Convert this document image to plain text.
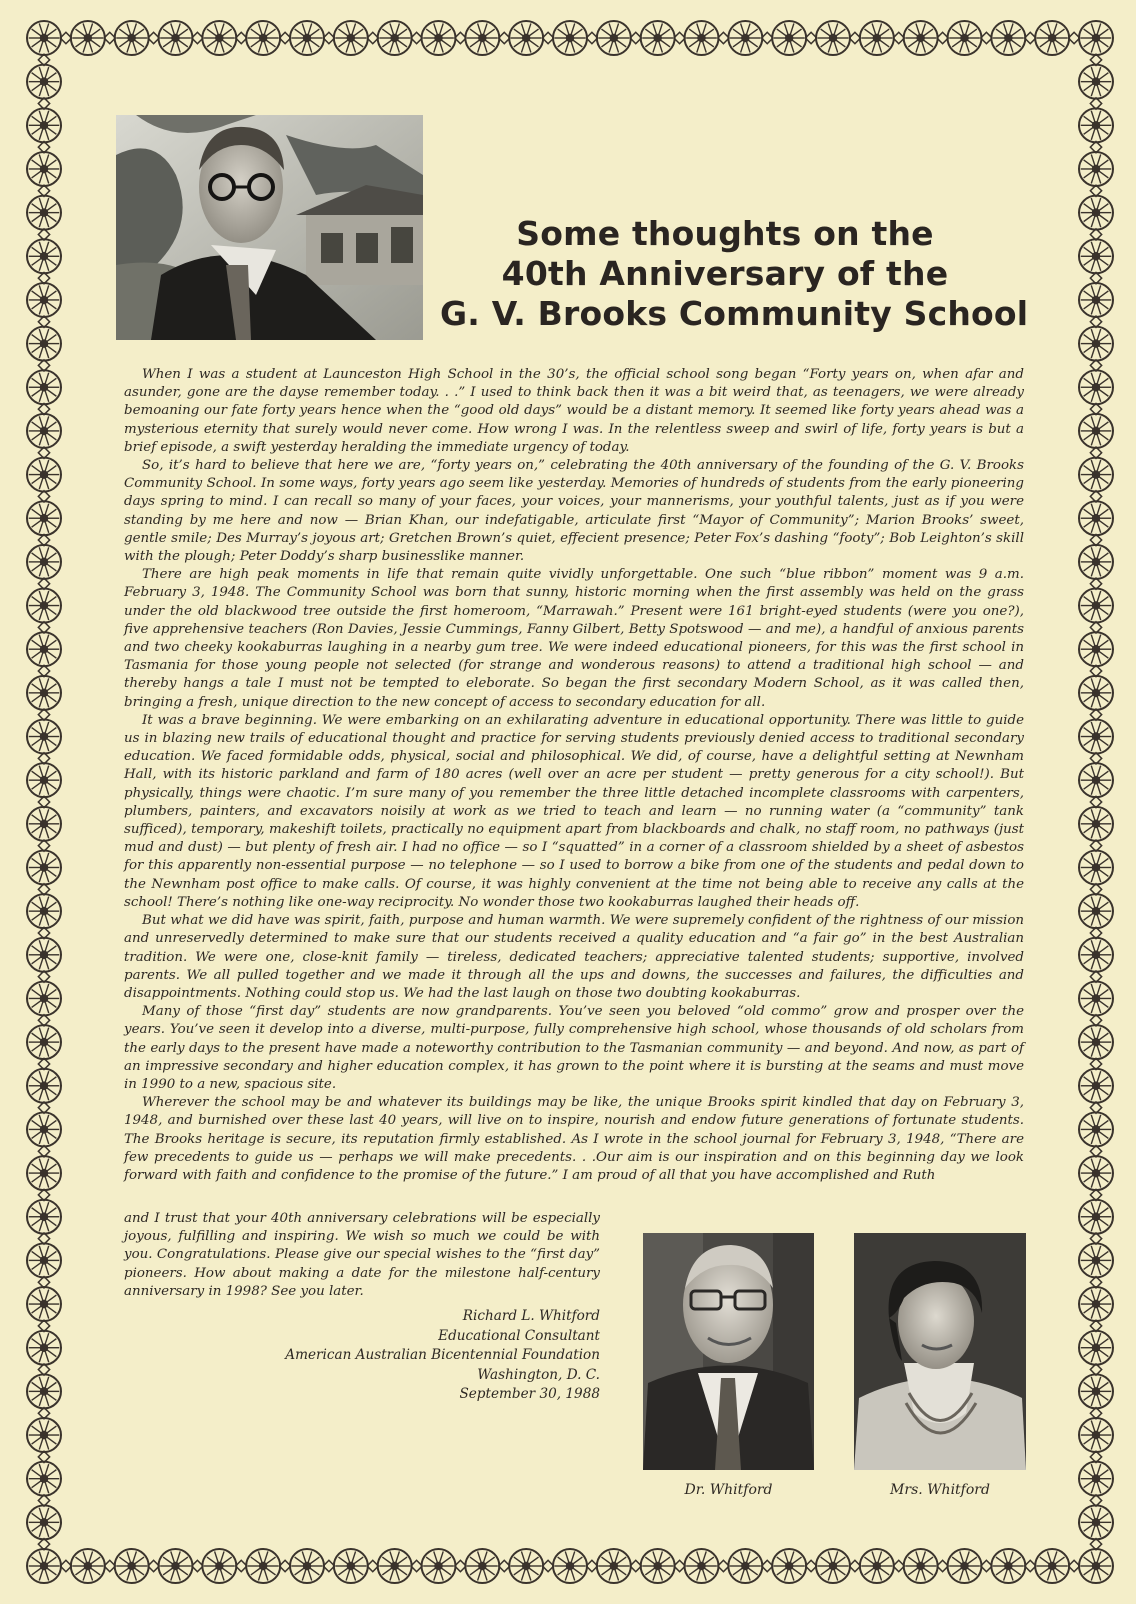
Some thoughts on the
40th Anniversary of the
G. V. Brooks Community School

When I was a student at Launceston High School in the 30’s, the official school song began “Forty years on, when afar and asunder, gone are the dayse remember today. . .” I used to think back then it was a bit weird that, as teenagers, we were already bemoaning our fate forty years hence when the “good old days” would be a distant memory. It seemed like forty years ahead was a mysterious eternity that surely would never come. How wrong I was. In the relentless sweep and swirl of life, forty years is but a brief episode, a swift yesterday heralding the immediate urgency of today.

So, it’s hard to believe that here we are, “forty years on,” celebrating the 40th anniversary of the founding of the G. V. Brooks Community School. In some ways, forty years ago seem like yesterday. Memories of hundreds of students from the early pioneering days spring to mind. I can recall so many of your faces, your voices, your mannerisms, your youthful talents, just as if you were standing by me here and now — Brian Khan, our indefatigable, articulate first “Mayor of Community”; Marion Brooks’ sweet, gentle smile; Des Murray’s joyous art; Gretchen Brown’s quiet, effecient presence; Peter Fox’s dashing “footy”; Bob Leighton’s skill with the plough; Peter Doddy’s sharp businesslike manner.

There are high peak moments in life that remain quite vividly unforgettable. One such “blue ribbon” moment was 9 a.m. February 3, 1948. The Community School was born that sunny, historic morning when the first assembly was held on the grass under the old blackwood tree outside the first homeroom, “Marrawah.” Present were 161 bright-eyed students (were you one?), five apprehensive teachers (Ron Davies, Jessie Cummings, Fanny Gilbert, Betty Spotswood — and me), a handful of anxious parents and two cheeky kookaburras laughing in a nearby gum tree. We were indeed educational pioneers, for this was the first school in Tasmania for those young people not selected (for strange and wonderous reasons) to attend a traditional high school — and thereby hangs a tale I must not be tempted to eleborate. So began the first secondary Modern School, as it was called then, bringing a fresh, unique direction to the new concept of access to secondary education for all.

It was a brave beginning. We were embarking on an exhilarating adventure in educational opportunity. There was little to guide us in blazing new trails of educational thought and practice for serving students previously denied access to traditional secondary education. We faced formidable odds, physical, social and philosophical. We did, of course, have a delightful setting at Newnham Hall, with its historic parkland and farm of 180 acres (well over an acre per student — pretty generous for a city school!). But physically, things were chaotic. I’m sure many of you remember the three little detached incomplete classrooms with carpenters, plumbers, painters, and excavators noisily at work as we tried to teach and learn — no running water (a “community” tank sufficed), temporary, makeshift toilets, practically no equipment apart from blackboards and chalk, no staff room, no pathways (just mud and dust) — but plenty of fresh air. I had no office — so I “squatted” in a corner of a classroom shielded by a sheet of asbestos for this apparently non-essential purpose — no telephone — so I used to borrow a bike from one of the students and pedal down to the Newnham post office to make calls. Of course, it was highly convenient at the time not being able to receive any calls at the school! There’s nothing like one-way reciprocity. No wonder those two kookaburras laughed their heads off.

But what we did have was spirit, faith, purpose and human warmth. We were supremely confident of the rightness of our mission and unreservedly determined to make sure that our students received a quality education and “a fair go” in the best Australian tradition. We were one, close-knit family — tireless, dedicated teachers; appreciative talented students; supportive, involved parents. We all pulled together and we made it through all the ups and downs, the successes and failures, the difficulties and disappointments. Nothing could stop us. We had the last laugh on those two doubting kookaburras.

Many of those “first day” students are now grandparents. You’ve seen you beloved “old commo” grow and prosper over the years. You’ve seen it develop into a diverse, multi-purpose, fully comprehensive high school, whose thousands of old scholars from the early days to the present have made a noteworthy contribution to the Tasmanian community — and beyond. And now, as part of an impressive secondary and higher education complex, it has grown to the point where it is bursting at the seams and must move in 1990 to a new, spacious site.

Wherever the school may be and whatever its buildings may be like, the unique Brooks spirit kindled that day on February 3, 1948, and burnished over these last 40 years, will live on to inspire, nourish and endow future generations of fortunate students. The Brooks heritage is secure, its reputation firmly established. As I wrote in the school journal for February 3, 1948, “There are few precedents to guide us — perhaps we will make precedents. . .Our aim is our inspiration and on this beginning day we look forward with faith and confidence to the promise of the future.” I am proud of all that you have accomplished and Ruth

and I trust that your 40th anniversary celebrations will be especially joyous, fulfilling and inspiring. We wish so much we could be with you. Congratulations. Please give our special wishes to the “first day” pioneers. How about making a date for the milestone half-century anniversary in 1998? See you later.
Richard L. Whitford
Educational Consultant
American Australian Bicentennial Foundation
Washington, D. C.
September 30, 1988
Dr. Whitford	Mrs. Whitford
